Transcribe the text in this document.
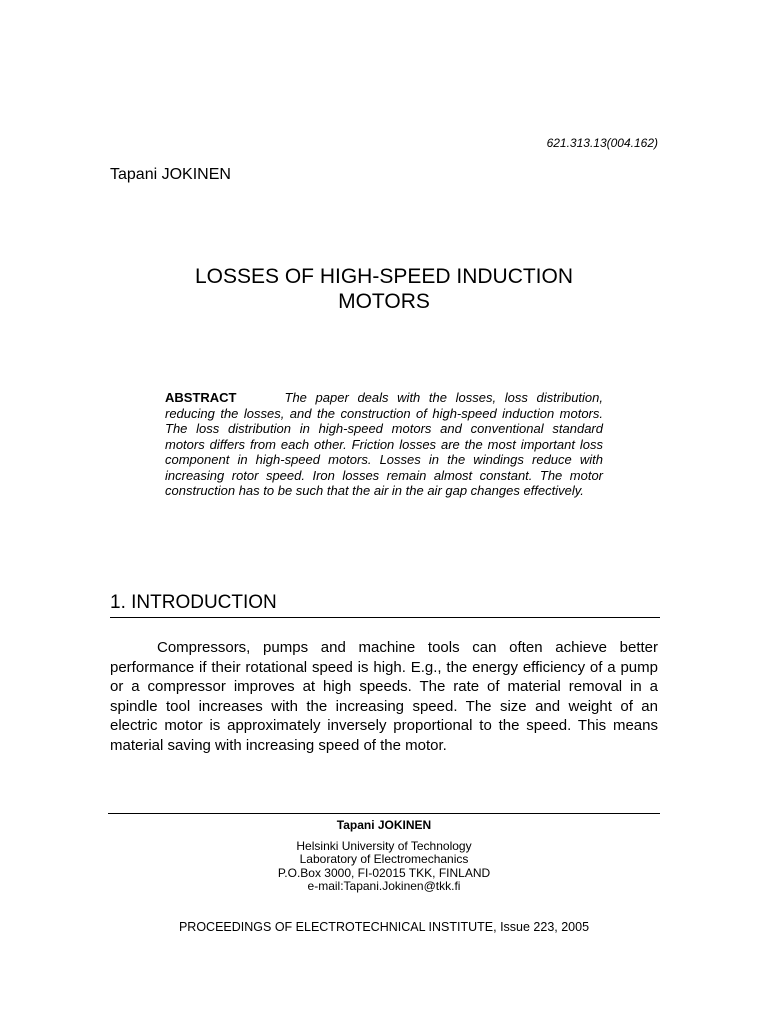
621.313.13(004.162)
Tapani JOKINEN
LOSSES OF HIGH-SPEED INDUCTION
MOTORS

ABSTRACT	The paper deals with the losses, loss distribution, reducing the losses, and the construction of high-speed induction motors. The loss distribution in high-speed motors and conventional standard motors differs from each other. Friction losses are the most important loss component in high-speed motors. Losses in the windings reduce with increasing rotor speed. Iron losses remain almost constant. The motor construction has to be such that the air in the air gap changes effectively.

1. INTRODUCTION

Compressors, pumps and machine tools can often achieve better performance if their rotational speed is high. E.g., the energy efficiency of a pump or a compressor improves at high speeds. The rate of material removal in a spindle tool increases with the increasing speed. The size and weight of an electric motor is approximately inversely proportional to the speed. This means material saving with increasing speed of the motor.

Tapani JOKINEN
Helsinki University of Technology
Laboratory of Electromechanics
P.O.Box 3000, FI-02015 TKK, FINLAND
e-mail:Tapani.Jokinen@tkk.fi
PROCEEDINGS OF ELECTROTECHNICAL INSTITUTE, Issue 223, 2005
